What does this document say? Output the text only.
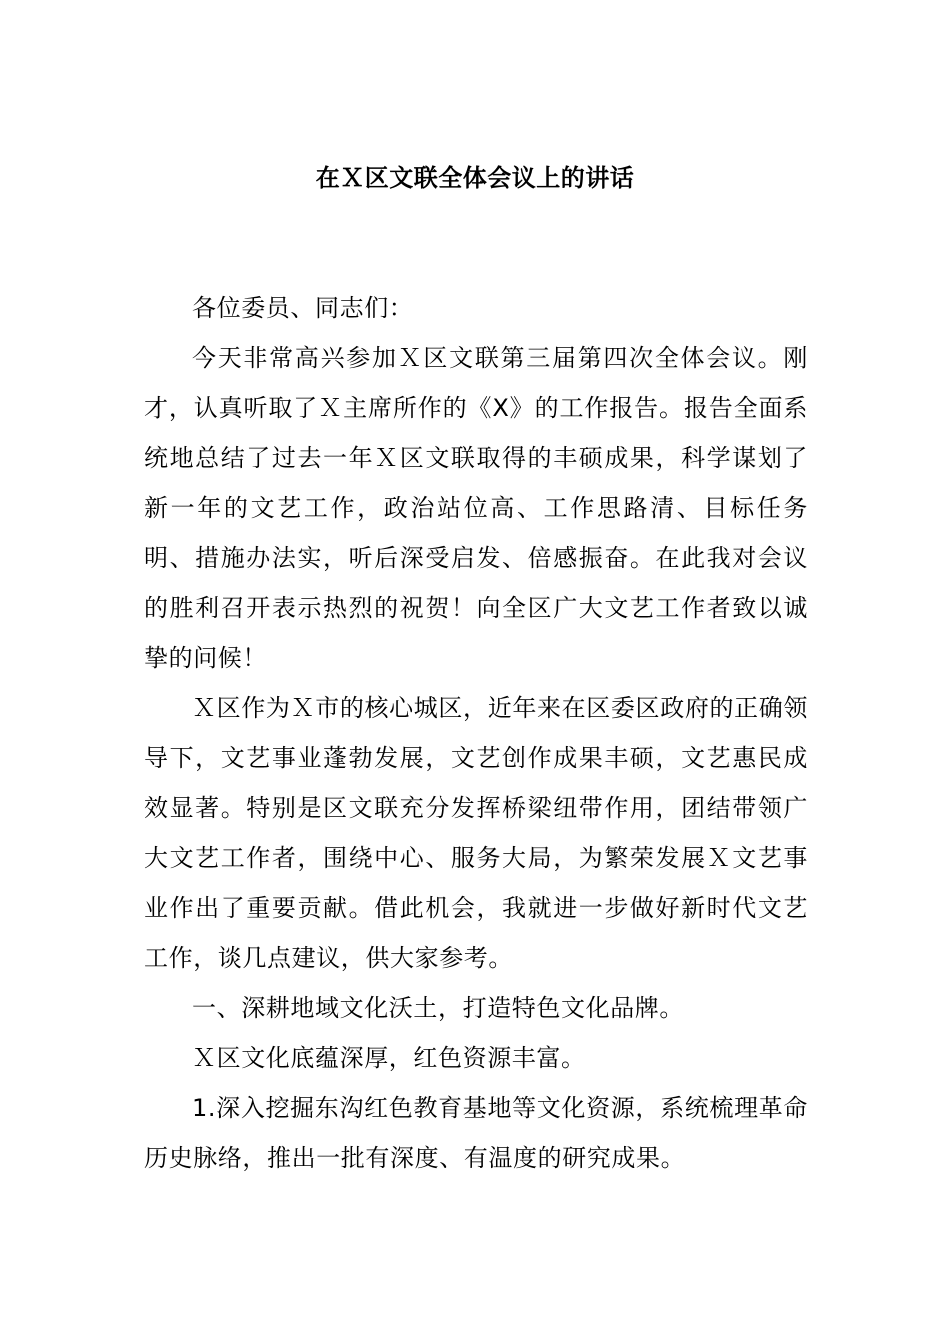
在Ｘ区文联全体会议上的讲话

各位委员、同志们：

今天非常高兴参加Ｘ区文联第三届第四次全体会议。刚才，认真听取了Ｘ主席所作的《X》的工作报告。报告全面系统地总结了过去一年Ｘ区文联取得的丰硕成果，科学谋划了新一年的文艺工作，政治站位高、工作思路清、目标任务明、措施办法实，听后深受启发、倍感振奋。在此我对会议的胜利召开表示热烈的祝贺！向全区广大文艺工作者致以诚挚的问候！

Ｘ区作为Ｘ市的核心城区，近年来在区委区政府的正确领导下，文艺事业蓬勃发展，文艺创作成果丰硕，文艺惠民成效显著。特别是区文联充分发挥桥梁纽带作用，团结带领广大文艺工作者，围绕中心、服务大局，为繁荣发展Ｘ文艺事业作出了重要贡献。借此机会，我就进一步做好新时代文艺工作，谈几点建议，供大家参考。

一、深耕地域文化沃土，打造特色文化品牌。

Ｘ区文化底蕴深厚，红色资源丰富。

1.深入挖掘东沟红色教育基地等文化资源，系统梳理革命历史脉络，推出一批有深度、有温度的研究成果。
